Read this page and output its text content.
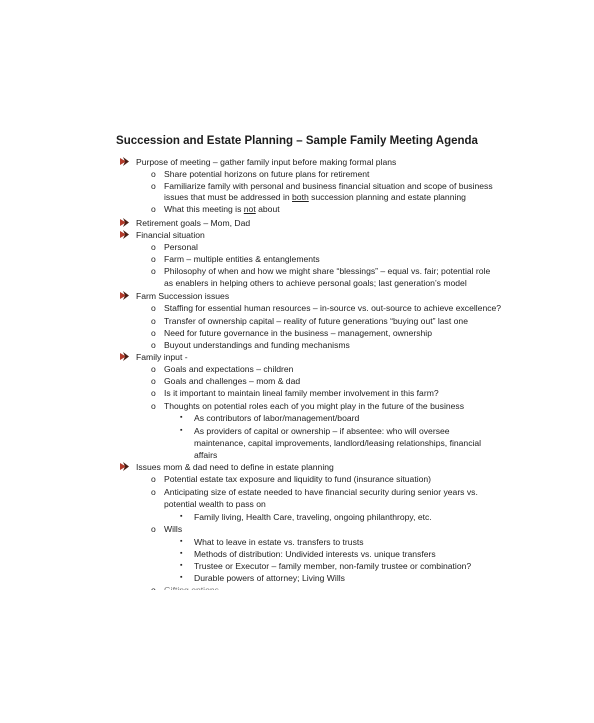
Succession and Estate Planning – Sample Family Meeting Agenda
Purpose of meeting – gather family input before making formal plans
o Share potential horizons on future plans for retirement
o Familiarize family with personal and business financial situation and scope of business
issues that must be addressed in both succession planning and estate planning
o What this meeting is not about
Retirement goals – Mom, Dad
Financial situation
o Personal
o Farm – multiple entities & entanglements
o Philosophy of when and how we might share “blessings” – equal vs. fair; potential role
as enablers in helping others to achieve personal goals; last generation’s model
Farm Succession issues
o Staffing for essential human resources – in-source vs. out-source to achieve excellence?
o Transfer of ownership capital – reality of future generations “buying out” last one
o Need for future governance in the business – management, ownership
o Buyout understandings and funding mechanisms
Family input -
o Goals and expectations – children
o Goals and challenges – mom & dad
o Is it important to maintain lineal family member involvement in this farm?
o Thoughts on potential roles each of you might play in the future of the business
▪ As contributors of labor/management/board
▪ As providers of capital or ownership – if absentee: who will oversee
maintenance, capital improvements, landlord/leasing relationships, financial
affairs
Issues mom & dad need to define in estate planning
o Potential estate tax exposure and liquidity to fund (insurance situation)
o Anticipating size of estate needed to have financial security during senior years vs.
potential wealth to pass on
▪ Family living, Health Care, traveling, ongoing philanthropy, etc.
o Wills
▪ What to leave in estate vs. transfers to trusts
▪ Methods of distribution: Undivided interests vs. unique transfers
▪ Trustee or Executor – family member, non-family trustee or combination?
▪ Durable powers of attorney; Living Wills
